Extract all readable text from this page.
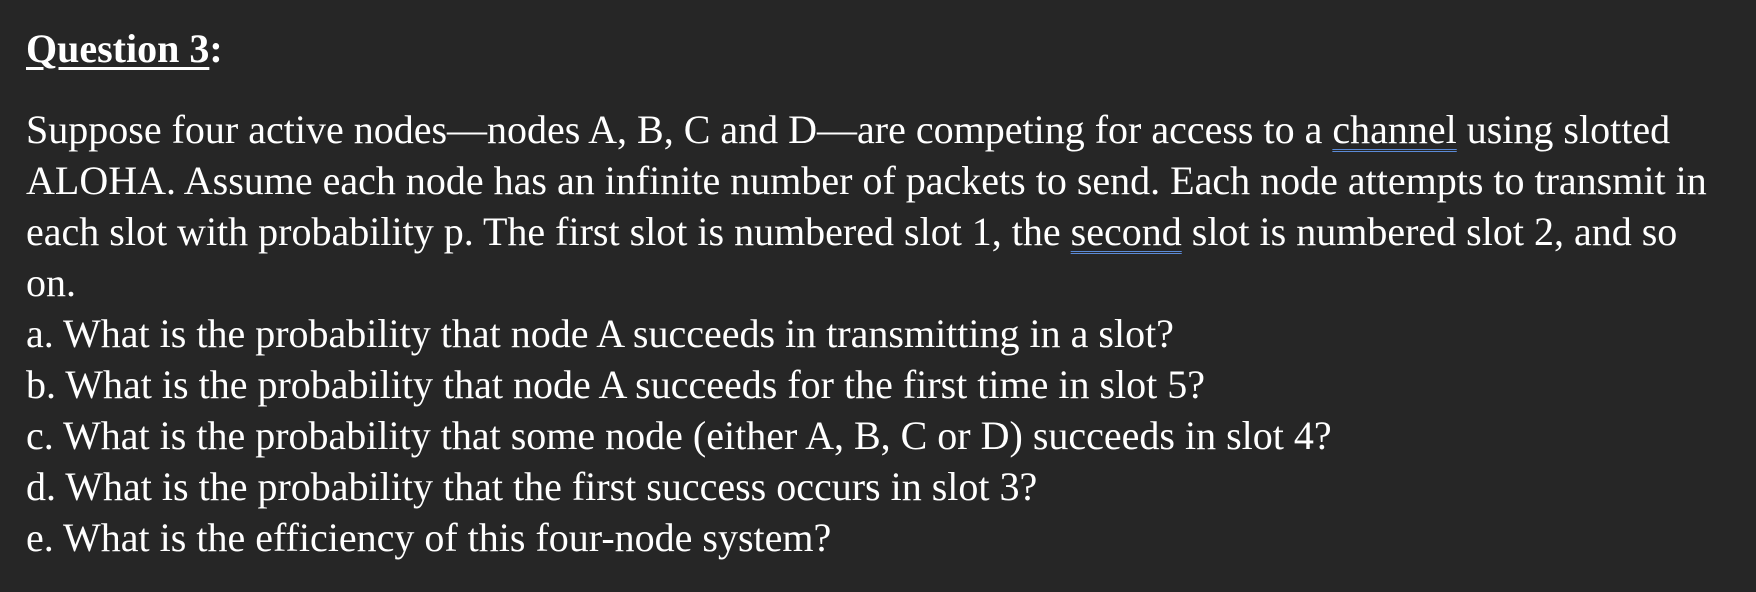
Question 3:

Suppose four active nodes—nodes A, B, C and D—are competing for access to a channel using slotted ALOHA. Assume each node has an infinite number of packets to send. Each node attempts to transmit in each slot with probability p. The first slot is numbered slot 1, the second slot is numbered slot 2, and so on.

a. What is the probability that node A succeeds in transmitting in a slot?
b. What is the probability that node A succeeds for the first time in slot 5?
c. What is the probability that some node (either A, B, C or D) succeeds in slot 4?
d. What is the probability that the first success occurs in slot 3?
e. What is the efficiency of this four-node system?
